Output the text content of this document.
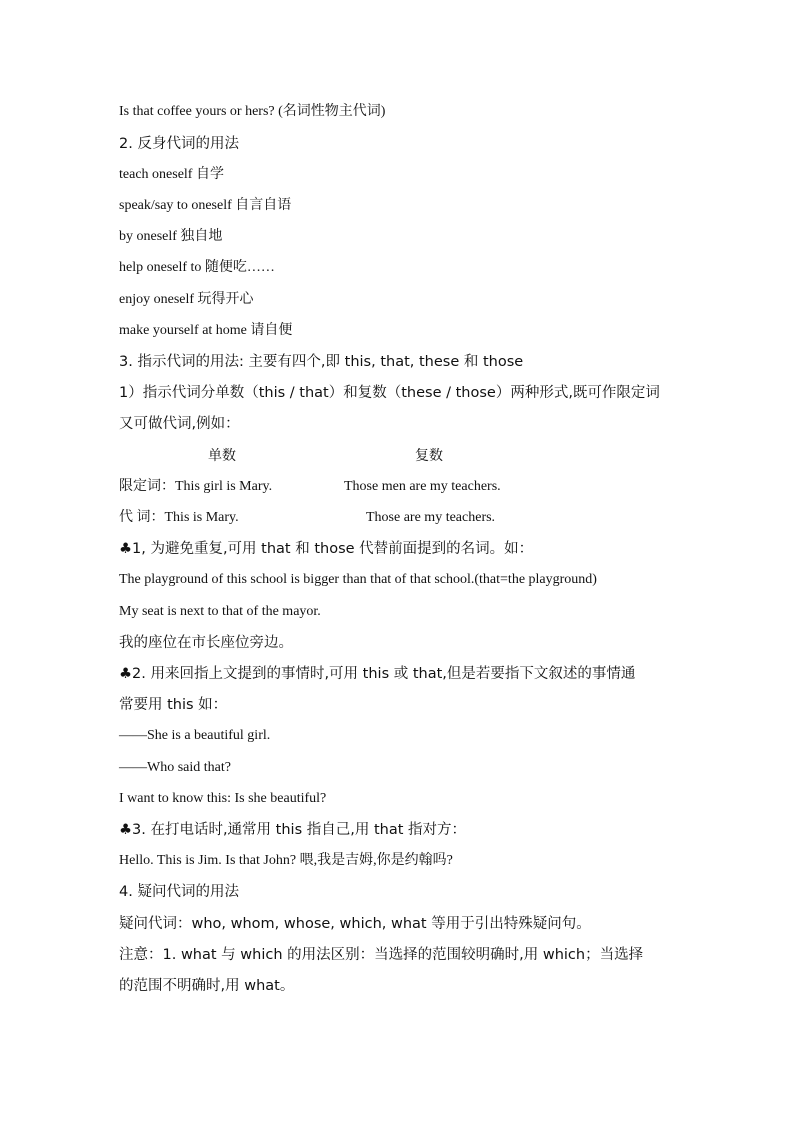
Is that coffee yours or hers? (名词性物主代词)
2. 反身代词的用法
teach oneself 自学
speak/say to oneself 自言自语
by oneself 独自地
help oneself to 随便吃……
enjoy oneself 玩得开心
make yourself at home 请自便
3. 指示代词的用法: 主要有四个,即 this, that, these 和 those
1）指示代词分单数（this / that）和复数（these / those）两种形式,既可作限定词
又可做代词,例如：
单数	复数
限定词：This girl is Mary.	Those men are my teachers.
代 词：This is Mary.	Those are my teachers.
♣1, 为避免重复,可用 that 和 those 代替前面提到的名词。如：
The playground of this school is bigger than that of that school.(that=the playground)
My seat is next to that of the mayor.
我的座位在市长座位旁边。
♣2. 用来回指上文提到的事情时,可用 this 或 that,但是若要指下文叙述的事情通
常要用 this 如：
——She is a beautiful girl.
——Who said that?
I want to know this: Is she beautiful?
♣3. 在打电话时,通常用 this 指自己,用 that 指对方：
Hello. This is Jim. Is that John? 喂,我是吉姆,你是约翰吗?
4. 疑问代词的用法
疑问代词：who, whom, whose, which, what 等用于引出特殊疑问句。
注意：1. what 与 which 的用法区别：当选择的范围较明确时,用 which；当选择
的范围不明确时,用 what。
